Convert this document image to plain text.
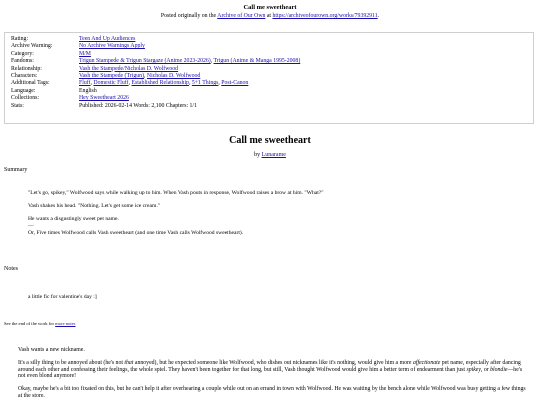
Call me sweetheart
Posted originally on the Archive of Our Own at https://archiveofourown.org/works/79392911.
Rating:	Teen And Up Audiences
Archive Warning:	No Archive Warnings Apply
Category:	M/M
Fandoms:	Trigun Stampede & Trigun Stargaze (Anime 2023-2026), Trigun (Anime & Manga 1995-2008)
Relationship:	Vash the Stampede/Nicholas D. Wolfwood
Characters:	Vash the Stampede (Trigun), Nicholas D. Wolfwood
Additional Tags:	Fluff, Domestic Fluff, Established Relationship, 5+1 Things, Post-Canon
Language:	English
Collections:	Hey Sweetheart 2026
Stats:	Published: 2026-02-14 Words: 2,100 Chapters: 1/1
Call me sweetheart
by Lunarame
Summary

"Let's go, spikey," Wolfwood says while walking up to him. When Vash pouts in response, Wolfwood raises a brow at him. "What?"

Vash shakes his head. "Nothing. Let's get some ice cream."

He wants a disgustingly sweet pet name.

—

Or, Five times Wolfwood calls Vash sweetheart (and one time Vash calls Wolfwood sweetheart).

Notes
a little fic for valentine's day :]
See the end of the work for more notes

Vash wants a new nickname.

It's a silly thing to be annoyed about (he's not that annoyed), but he expected someone like Wolfwood, who dishes out nicknames like it's nothing, would give him a more affectionate pet name, especially after dancing around each other and confessing their feelings, the whole spiel. They haven't been together for that long, but still, Vash thought Wolfwood would give him a better term of endearment than just spikey, or blondie—he's not even blond anymore!

Okay, maybe he's a bit too fixated on this, but he can't help it after overhearing a couple while out on an errand in town with Wolfwood. He was waiting by the bench alone while Wolfwood was busy getting a few things at the store.
